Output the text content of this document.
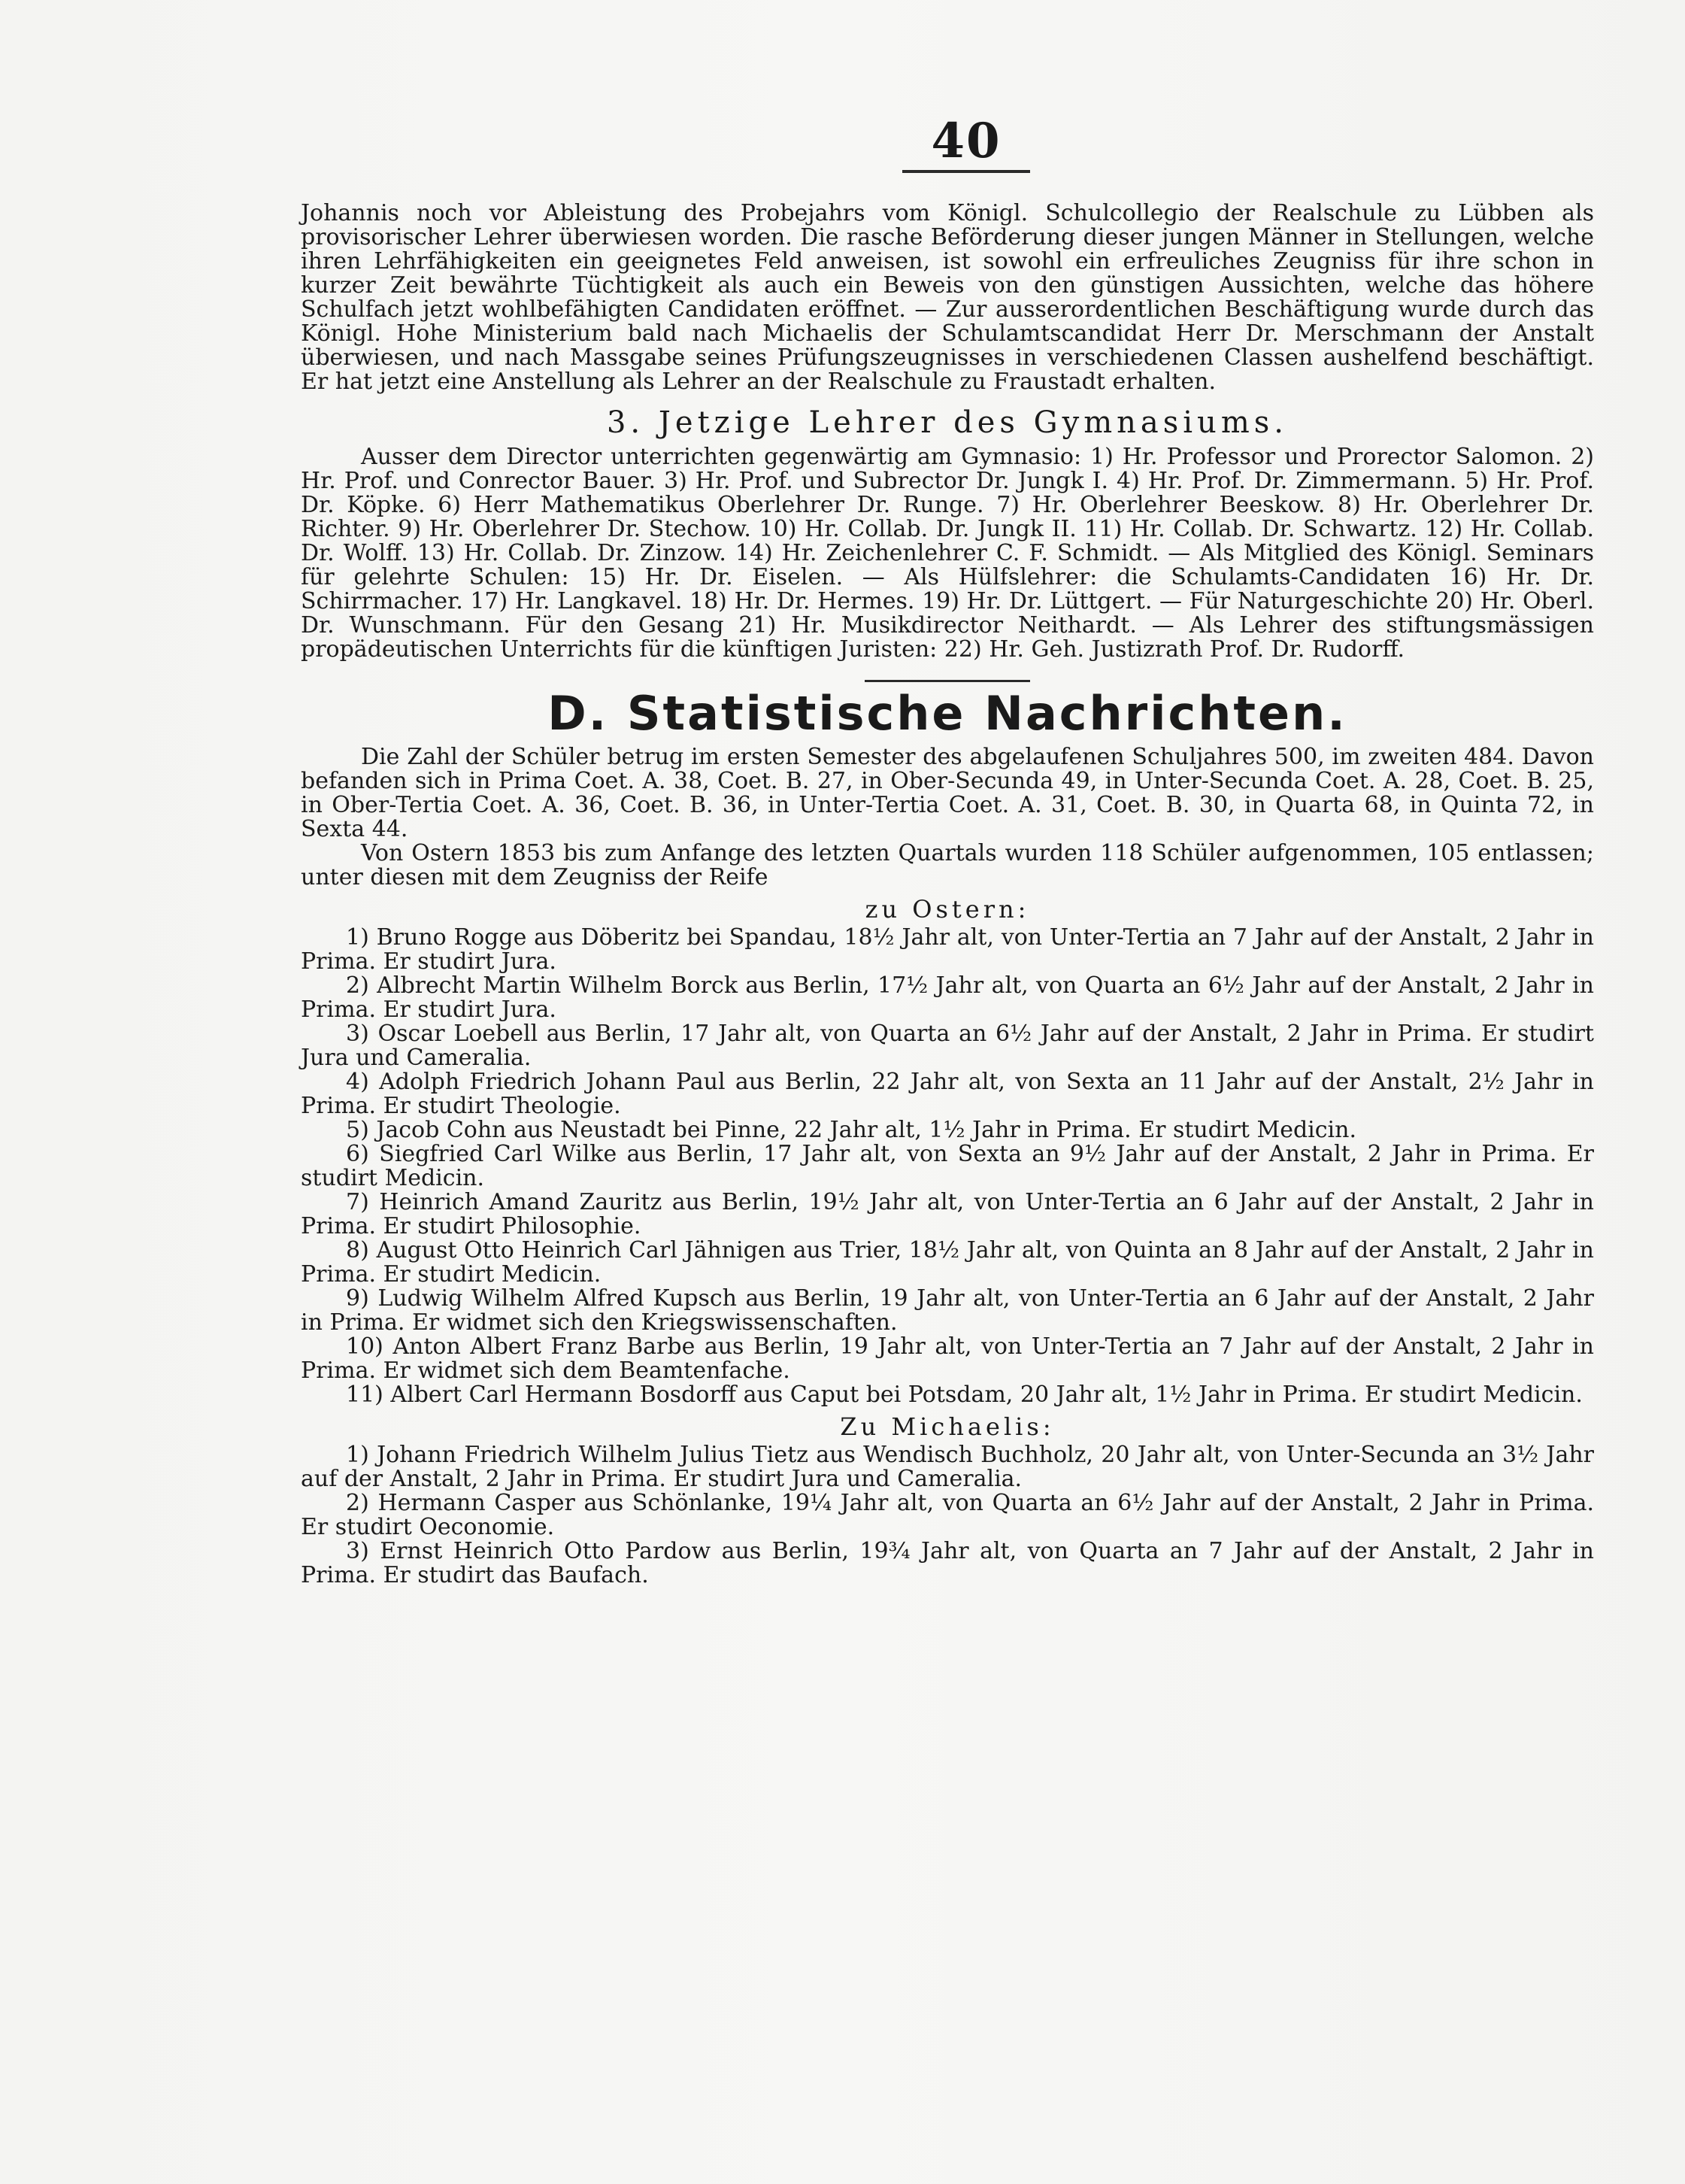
40

Johannis noch vor Ableistung des Probejahrs vom Königl. Schulcollegio der Realschule zu Lübben als provisorischer Lehrer überwiesen worden. Die rasche Beförderung dieser jungen Männer in Stellungen, welche ihren Lehrfähigkeiten ein geeignetes Feld anweisen, ist sowohl ein erfreuliches Zeugniss für ihre schon in kurzer Zeit bewährte Tüchtigkeit als auch ein Beweis von den günstigen Aussichten, welche das höhere Schulfach jetzt wohlbefähigten Candidaten eröffnet. — Zur ausserordentlichen Beschäftigung wurde durch das Königl. Hohe Ministerium bald nach Michaelis der Schulamtscandidat Herr Dr. Merschmann der Anstalt überwiesen, und nach Massgabe seines Prüfungszeugnisses in verschiedenen Classen aushelfend beschäftigt. Er hat jetzt eine Anstellung als Lehrer an der Realschule zu Fraustadt erhalten.

3. Jetzige Lehrer des Gymnasiums.

Ausser dem Director unterrichten gegenwärtig am Gymnasio: 1) Hr. Professor und Prorector Salomon. 2) Hr. Prof. und Conrector Bauer. 3) Hr. Prof. und Subrector Dr. Jungk I. 4) Hr. Prof. Dr. Zimmermann. 5) Hr. Prof. Dr. Köpke. 6) Herr Mathematikus Oberlehrer Dr. Runge. 7) Hr. Oberlehrer Beeskow. 8) Hr. Oberlehrer Dr. Richter. 9) Hr. Oberlehrer Dr. Stechow. 10) Hr. Collab. Dr. Jungk II. 11) Hr. Collab. Dr. Schwartz. 12) Hr. Collab. Dr. Wolff. 13) Hr. Collab. Dr. Zinzow. 14) Hr. Zeichenlehrer C. F. Schmidt. — Als Mitglied des Königl. Seminars für gelehrte Schulen: 15) Hr. Dr. Eiselen. — Als Hülfslehrer: die Schulamts-Candidaten 16) Hr. Dr. Schirrmacher. 17) Hr. Langkavel. 18) Hr. Dr. Hermes. 19) Hr. Dr. Lüttgert. — Für Naturgeschichte 20) Hr. Oberl. Dr. Wunschmann. Für den Gesang 21) Hr. Musikdirector Neithardt. — Als Lehrer des stiftungsmässigen propädeutischen Unterrichts für die künftigen Juristen: 22) Hr. Geh. Justizrath Prof. Dr. Rudorff.

D. Statistische Nachrichten.

Die Zahl der Schüler betrug im ersten Semester des abgelaufenen Schuljahres 500, im zweiten 484. Davon befanden sich in Prima Coet. A. 38, Coet. B. 27, in Ober-Secunda 49, in Unter-Secunda Coet. A. 28, Coet. B. 25, in Ober-Tertia Coet. A. 36, Coet. B. 36, in Unter-Tertia Coet. A. 31, Coet. B. 30, in Quarta 68, in Quinta 72, in Sexta 44.

Von Ostern 1853 bis zum Anfange des letzten Quartals wurden 118 Schüler aufgenommen, 105 entlassen; unter diesen mit dem Zeugniss der Reife

zu Ostern:

1) Bruno Rogge aus Döberitz bei Spandau, 18½ Jahr alt, von Unter-Tertia an 7 Jahr auf der Anstalt, 2 Jahr in Prima. Er studirt Jura.

2) Albrecht Martin Wilhelm Borck aus Berlin, 17½ Jahr alt, von Quarta an 6½ Jahr auf der Anstalt, 2 Jahr in Prima. Er studirt Jura.

3) Oscar Loebell aus Berlin, 17 Jahr alt, von Quarta an 6½ Jahr auf der Anstalt, 2 Jahr in Prima. Er studirt Jura und Cameralia.

4) Adolph Friedrich Johann Paul aus Berlin, 22 Jahr alt, von Sexta an 11 Jahr auf der Anstalt, 2½ Jahr in Prima. Er studirt Theologie.

5) Jacob Cohn aus Neustadt bei Pinne, 22 Jahr alt, 1½ Jahr in Prima. Er studirt Medicin.

6) Siegfried Carl Wilke aus Berlin, 17 Jahr alt, von Sexta an 9½ Jahr auf der Anstalt, 2 Jahr in Prima. Er studirt Medicin.

7) Heinrich Amand Zauritz aus Berlin, 19½ Jahr alt, von Unter-Tertia an 6 Jahr auf der Anstalt, 2 Jahr in Prima. Er studirt Philosophie.

8) August Otto Heinrich Carl Jähnigen aus Trier, 18½ Jahr alt, von Quinta an 8 Jahr auf der Anstalt, 2 Jahr in Prima. Er studirt Medicin.

9) Ludwig Wilhelm Alfred Kupsch aus Berlin, 19 Jahr alt, von Unter-Tertia an 6 Jahr auf der Anstalt, 2 Jahr in Prima. Er widmet sich den Kriegswissenschaften.

10) Anton Albert Franz Barbe aus Berlin, 19 Jahr alt, von Unter-Tertia an 7 Jahr auf der Anstalt, 2 Jahr in Prima. Er widmet sich dem Beamtenfache.

11) Albert Carl Hermann Bosdorff aus Caput bei Potsdam, 20 Jahr alt, 1½ Jahr in Prima. Er studirt Medicin.

Zu Michaelis:

1) Johann Friedrich Wilhelm Julius Tietz aus Wendisch Buchholz, 20 Jahr alt, von Unter-Secunda an 3½ Jahr auf der Anstalt, 2 Jahr in Prima. Er studirt Jura und Cameralia.

2) Hermann Casper aus Schönlanke, 19¼ Jahr alt, von Quarta an 6½ Jahr auf der Anstalt, 2 Jahr in Prima. Er studirt Oeconomie.

3) Ernst Heinrich Otto Pardow aus Berlin, 19¾ Jahr alt, von Quarta an 7 Jahr auf der Anstalt, 2 Jahr in Prima. Er studirt das Baufach.
